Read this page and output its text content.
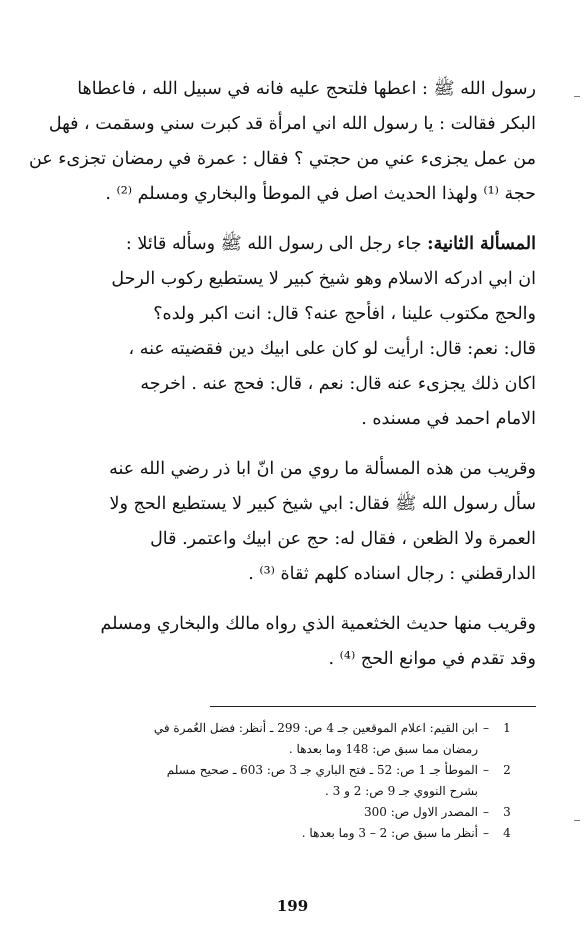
رسول الله ﷺ : اعطها فلتحج عليه فانه في سبيل الله ، فاعطاها
البكر فقالت : يا رسول الله اني امرأة قد كبرت سني وسقمت ، فهل
من عمل يجزىء عني من حجتي ؟ فقال : عمرة في رمضان تجزىء عن
حجة ⁽¹⁾ ولهذا الحديث اصل في الموطأ والبخاري ومسلم ⁽²⁾ .

المسألة الثانية: جاء رجل الى رسول الله ﷺ وسأله قائلا :
ان ابي ادركه الاسلام وهو شيخ كبير لا يستطيع ركوب الرحل
والحج مكتوب علينا ، افأحج عنه؟ قال: انت اكبر ولده؟
قال: نعم: قال: ارأيت لو كان على ابيك دين فقضيته عنه ،
اكان ذلك يجزىء عنه قال: نعم ، قال: فحج عنه . اخرجه
الامام احمد في مسنده .

وقريب من هذه المسألة ما روي من انّ ابا ذر رضي الله عنه
سأل رسول الله ﷺ فقال: ابي شيخ كبير لا يستطيع الحج ولا
العمرة ولا الظعن ، فقال له: حج عن ابيك واعتمر. قال
الدارقطني : رجال اسناده كلهم ثقاة ⁽³⁾ .

وقريب منها حديث الخثعمية الذي رواه مالك والبخاري ومسلم
وقد تقدم في موانع الحج ⁽⁴⁾ .

1
–
ابن القيم: اعلام الموقعين جـ 4 ص: 299 ـ أنظر: فضل العُمرة في
رمضان مما سبق ص: 148 وما بعدها .
2
–
الموطأ جـ 1 ص: 52 ـ فتح الباري جـ 3 ص: 603 ـ صحيح مسلم
بشرح النووي جـ 9 ص: 2 و 3 .
3
–
المصدر الاول ص: 300
4
–
أنظر ما سبق ص: 2 – 3 وما بعدها .
199
